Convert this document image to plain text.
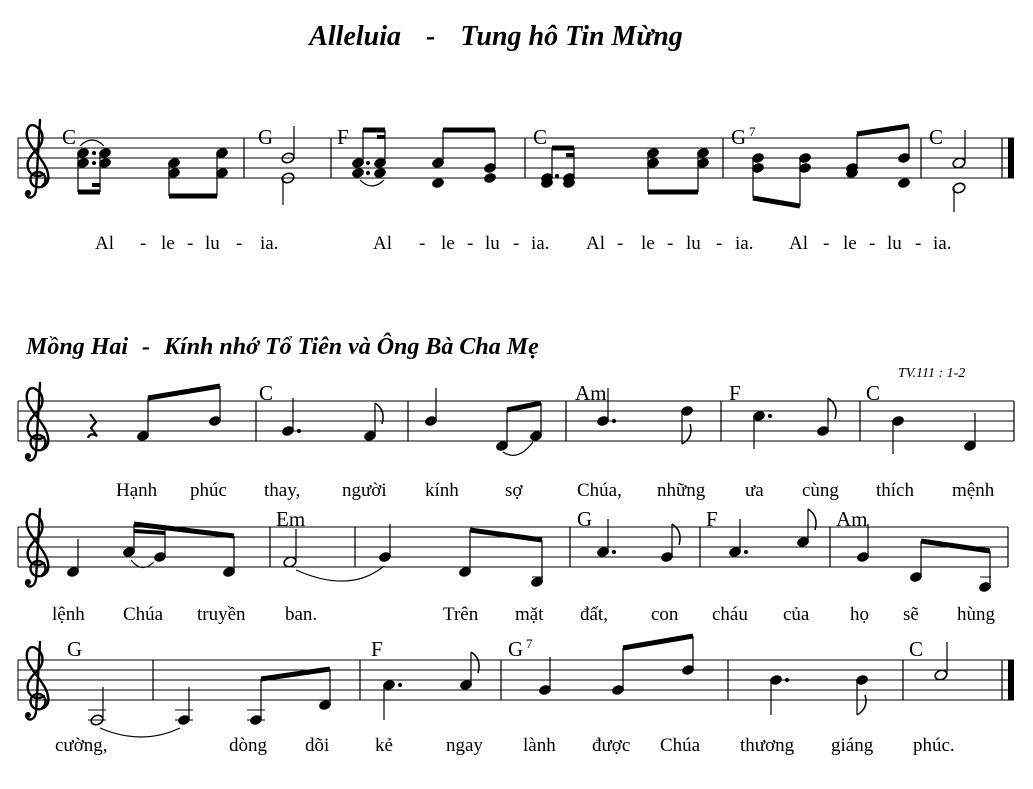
Alleluia - Tung hô Tin Mừng
C	G	F	C	G 7	C
Al - le - lu - ia.	Al - le - lu - ia. Al - le - lu - ia. Al - le - lu - ia.
Mồng Hai - Kính nhớ Tổ Tiên và Ông Bà Cha Mẹ
TV.111 : 1-2
C	Am	F	C
Hạnh phúc thay, người kính sợ	Chúa, những ưa cùng thích mệnh
Em	G	F	Am
lệnh Chúa truyền ban.	Trên mặt đất, con cháu của họ sẽ hùng
G	F	G 7	C
cường,	dòng dõi kẻ	ngay lành được Chúa thương giáng phúc.
